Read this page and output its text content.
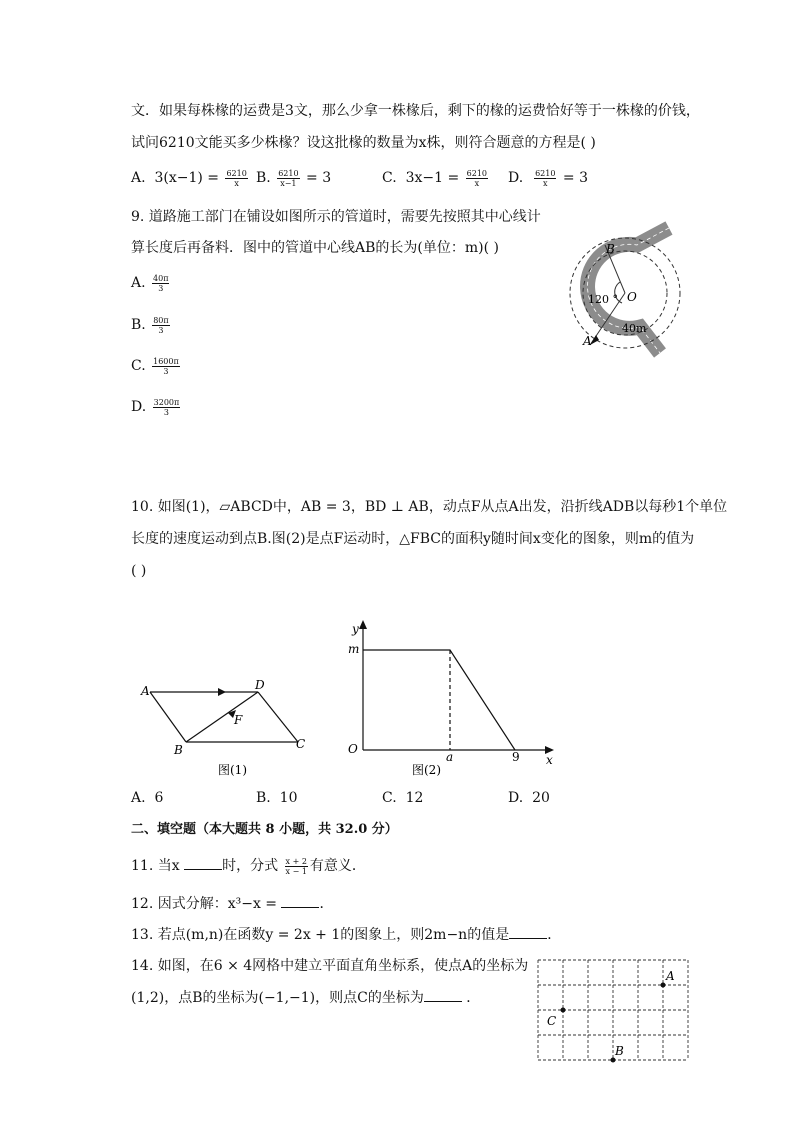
文．如果每株椽的运费是3文，那么少拿一株椽后，剩下的椽的运费恰好等于一株椽的价钱，
试问6210文能买多少株椽？设这批椽的数量为x株，则符合题意的方程是( )
A. $3(x-1) = \frac{6210}{x} B$. $\frac{6210}{x-1} = 3$	C. $3x-1 = \frac{6210}{x} D$. $\frac{6210}{x} = 3$
9. 道路施工部门在铺设如图所示的管道时，需要先按照其中心线计
算长度后再备料．图中的管道中心线AB的长为(单位：m)( )
A. $\frac{40\pi}{3}$
B. $\frac{80\pi}{3}$
C. $\frac{1600\pi}{3}$
D. $\frac{3200\pi}{3}$
B
A
O
120 °
40m
10. 如图(1)，▱ABCD中，AB = 3，BD ⊥ AB，动点F从点A出发，沿折线ADB以每秒1个单位
长度的速度运动到点B.图(2)是点F运动时，△FBC的面积y随时间x变化的图象，则m的值为
( )
A	D
B	C
F
图(1)
y
x
O
m
a	9
图(2)
A. 6	B. 10	C. 12	D. 20
二、填空题（本大题共 8 小题，共 32.0 分）
11. 当x	时，分式 $\frac{x + 2}{x - 1}$ 有意义．
12. 因式分解：x³−x =	．
13. 若点(m,n)在函数y = 2x + 1的图象上，则2m−n的值是	．
14. 如图，在6 × 4网格中建立平面直角坐标系，使点A的坐标为
(1,2)，点B的坐标为(−1,−1)，则点C的坐标为	．
A
C
B
